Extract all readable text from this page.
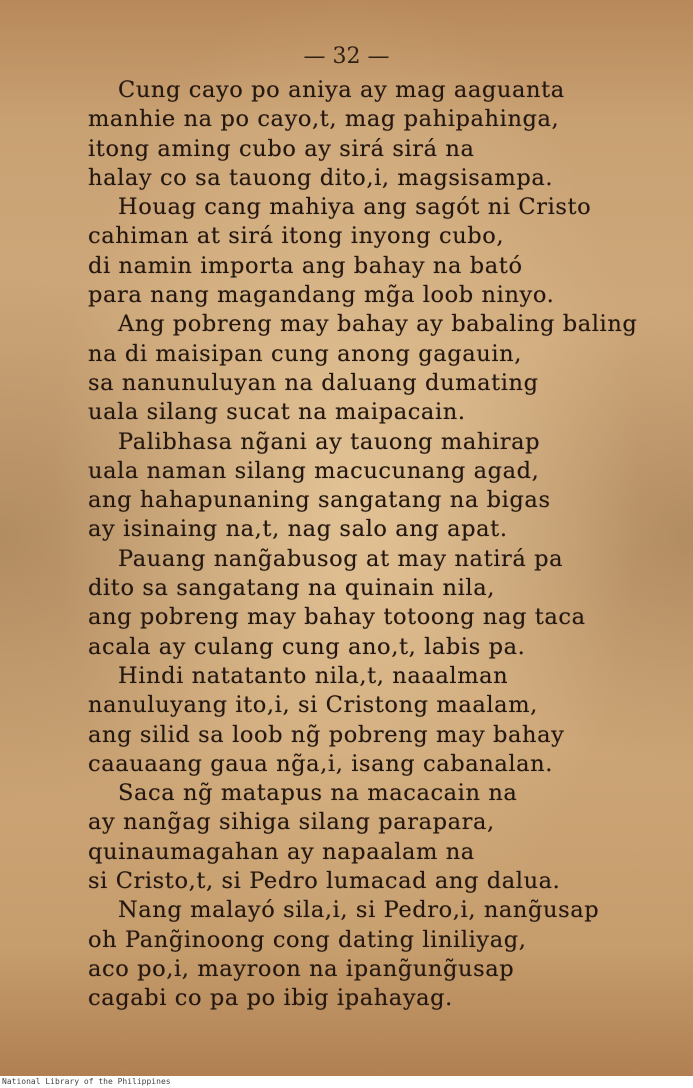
— 32 —
Cung cayo po aniya ay mag aaguanta
manhie na po cayo,t, mag pahipahinga,
itong aming cubo ay sirá sirá na
halay co sa tauong dito,i, magsisampa.
Houag cang mahiya ang sagót ni Cristo
cahiman at sirá itong inyong cubo,
di namin importa ang bahay na bató
para nang magandang mg̃a loob ninyo.
Ang pobreng may bahay ay babaling baling
na di maisipan cung anong gagauin,
sa nanunuluyan na daluang dumating
uala silang sucat na maipacain.
Palibhasa ng̃ani ay tauong mahirap
uala naman silang macucunang agad,
ang hahapunaning sangatang na bigas
ay isinaing na,t, nag salo ang apat.
Pauang nang̃abusog at may natirá pa
dito sa sangatang na quinain nila,
ang pobreng may bahay totoong nag taca
acala ay culang cung ano,t, labis pa.
Hindi natatanto nila,t, naaalman
nanuluyang ito,i, si Cristong maalam,
ang silid sa loob ng̃ pobreng may bahay
caauaang gaua ng̃a,i, isang cabanalan.
Saca ng̃ matapus na macacain na
ay nang̃ag sihiga silang parapara,
quinaumagahan ay napaalam na
si Cristo,t, si Pedro lumacad ang dalua.
Nang malayó sila,i, si Pedro,i, nang̃usap
oh Pang̃inoong cong dating liniliyag,
aco po,i, mayroon na ipang̃ung̃usap
cagabi co pa po ibig ipahayag.
National Library of the Philippines
